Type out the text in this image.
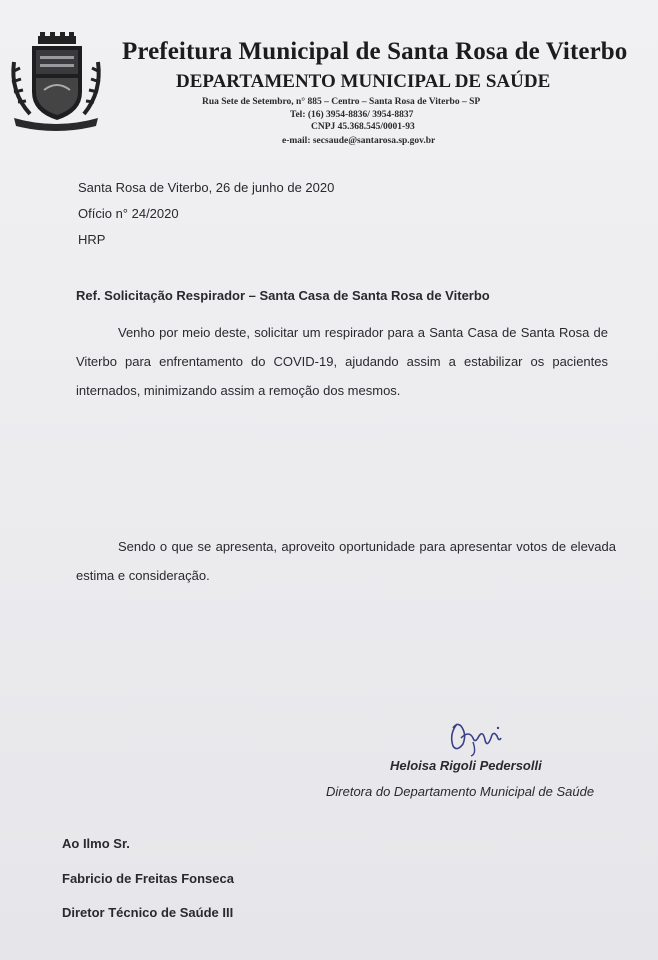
Prefeitura Municipal de Santa Rosa de Viterbo
DEPARTAMENTO MUNICIPAL DE SAÚDE
Rua Sete de Setembro, n° 885 – Centro – Santa Rosa de Viterbo – SP
Tel: (16) 3954-8836/ 3954-8837
CNPJ 45.368.545/0001-93
e-mail: secsaude@santarosa.sp.gov.br
Santa Rosa de Viterbo, 26 de junho de 2020
Ofício n° 24/2020
HRP
Ref. Solicitação Respirador – Santa Casa de Santa Rosa de Viterbo
Venho por meio deste, solicitar um respirador para a Santa Casa de Santa Rosa de Viterbo para enfrentamento do COVID-19, ajudando assim a estabilizar os pacientes internados, minimizando assim a remoção dos mesmos.
Sendo o que se apresenta, aproveito oportunidade para apresentar votos de elevada estima e consideração.
Heloisa Rigoli Pedersolli
Diretora do Departamento Municipal de Saúde
Ao Ilmo Sr.
Fabricio de Freitas Fonseca
Diretor Técnico de Saúde III
